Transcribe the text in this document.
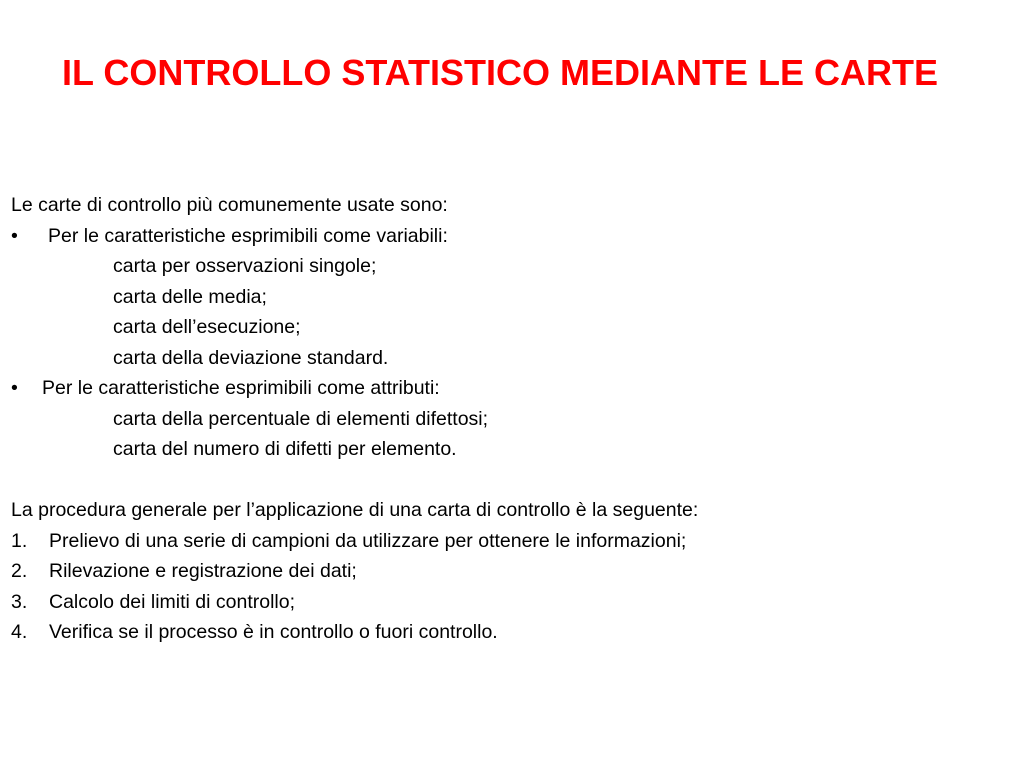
IL CONTROLLO STATISTICO MEDIANTE LE CARTE
Le carte di controllo più comunemente usate sono:
• Per le caratteristiche esprimibili come variabili:
carta per osservazioni singole;
carta delle media;
carta dell’esecuzione;
carta della deviazione standard.
• Per le caratteristiche esprimibili come attributi:
carta della percentuale di elementi difettosi;
carta del numero di difetti per elemento.
La procedura generale per l’applicazione di una carta di controllo è la seguente:
1. Prelievo di una serie di campioni da utilizzare per ottenere le informazioni;
2. Rilevazione e registrazione dei dati;
3. Calcolo dei limiti di controllo;
4. Verifica se il processo è in controllo o fuori controllo.
